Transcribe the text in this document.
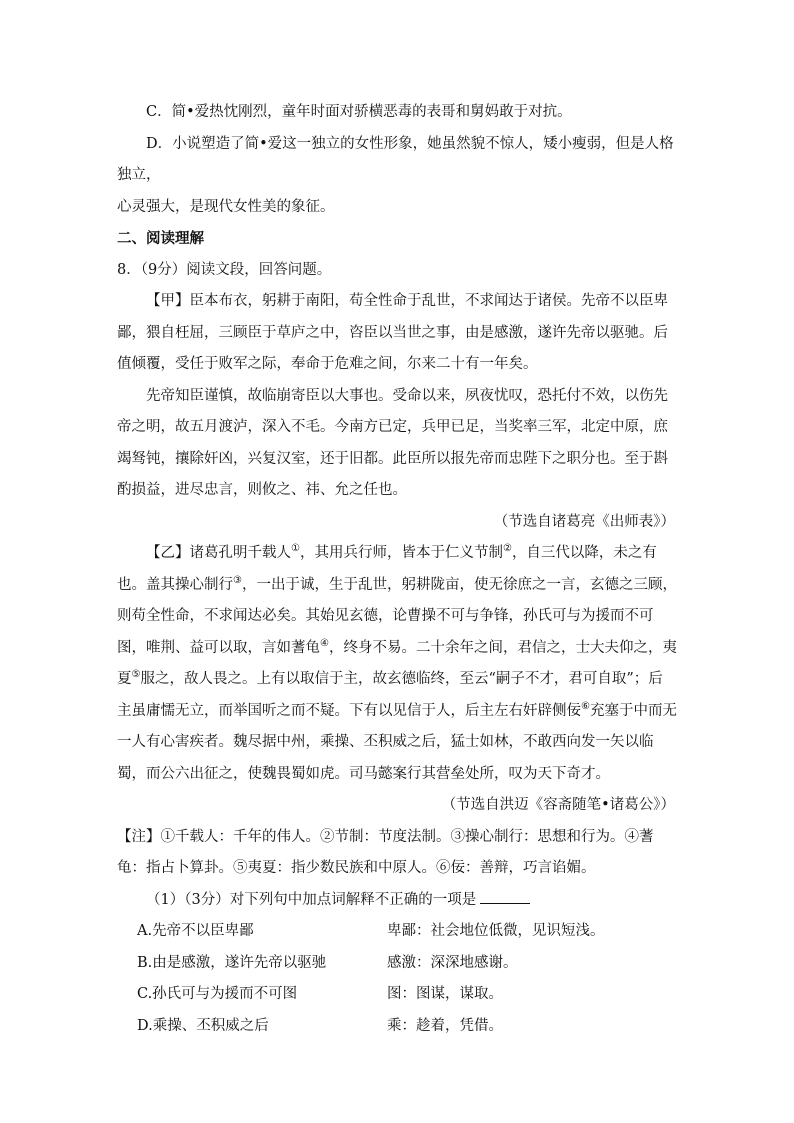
C．简•爱热忱刚烈，童年时面对骄横恶毒的表哥和舅妈敢于对抗。

D．小说塑造了简•爱这一独立的女性形象，她虽然貌不惊人，矮小瘦弱，但是人格独立，

心灵强大，是现代女性美的象征。

二、阅读理解

8．（9分）阅读文段，回答问题。

【甲】臣本布衣，躬耕于南阳，苟全性命于乱世，不求闻达于诸侯。先帝不以臣卑鄙，猥自枉屈，三顾臣于草庐之中，咨臣以当世之事，由是感激，遂许先帝以驱驰。后值倾覆，受任于败军之际，奉命于危难之间，尔来二十有一年矣。

先帝知臣谨慎，故临崩寄臣以大事也。受命以来，夙夜忧叹，恐托付不效，以伤先帝之明，故五月渡泸，深入不毛。今南方已定，兵甲已足，当奖率三军，北定中原，庶竭驽钝，攘除奸凶，兴复汉室，还于旧都。此臣所以报先帝而忠陛下之职分也。至于斟酌损益，进尽忠言，则攸之、祎、允之任也。

（节选自诸葛亮《出师表》）

【乙】诸葛孔明千载人①，其用兵行师，皆本于仁义节制②，自三代以降，未之有也。盖其操心制行③，一出于诚，生于乱世，躬耕陇亩，使无徐庶之一言，玄德之三顾，则苟全性命，不求闻达必矣。其始见玄德，论曹操不可与争锋，孙氏可与为援而不可图，唯荆、益可以取，言如蓍龟④，终身不易。二十余年之间，君信之，士大夫仰之，夷夏⑤服之，敌人畏之。上有以取信于主，故玄德临终，至云“嗣子不才，君可自取”；后主虽庸懦无立，而举国听之而不疑。下有以见信于人，后主左右奸辟侧佞⑥充塞于中而无一人有心害疾者。魏尽据中州，乘操、丕积威之后，猛士如林，不敢西向发一矢以临蜀，而公六出征之，使魏畏蜀如虎。司马懿案行其营垒处所，叹为天下奇才。

（节选自洪迈《容斋随笔•诸葛公》）

【注】①千载人：千年的伟人。②节制：节度法制。③操心制行：思想和行为。④蓍龟：指占卜算卦。⑤夷夏：指少数民族和中原人。⑥佞：善辩，巧言谄媚。

（1）（3分）对下列句中加点词解释不正确的一项是

A.先帝不以臣卑鄙	卑鄙：社会地位低微，见识短浅。
B.由是感激，遂许先帝以驱驰	感激：深深地感谢。
C.孙氏可与为援而不可图	图：图谋，谋取。
D.乘操、丕积威之后	乘：趁着，凭借。
